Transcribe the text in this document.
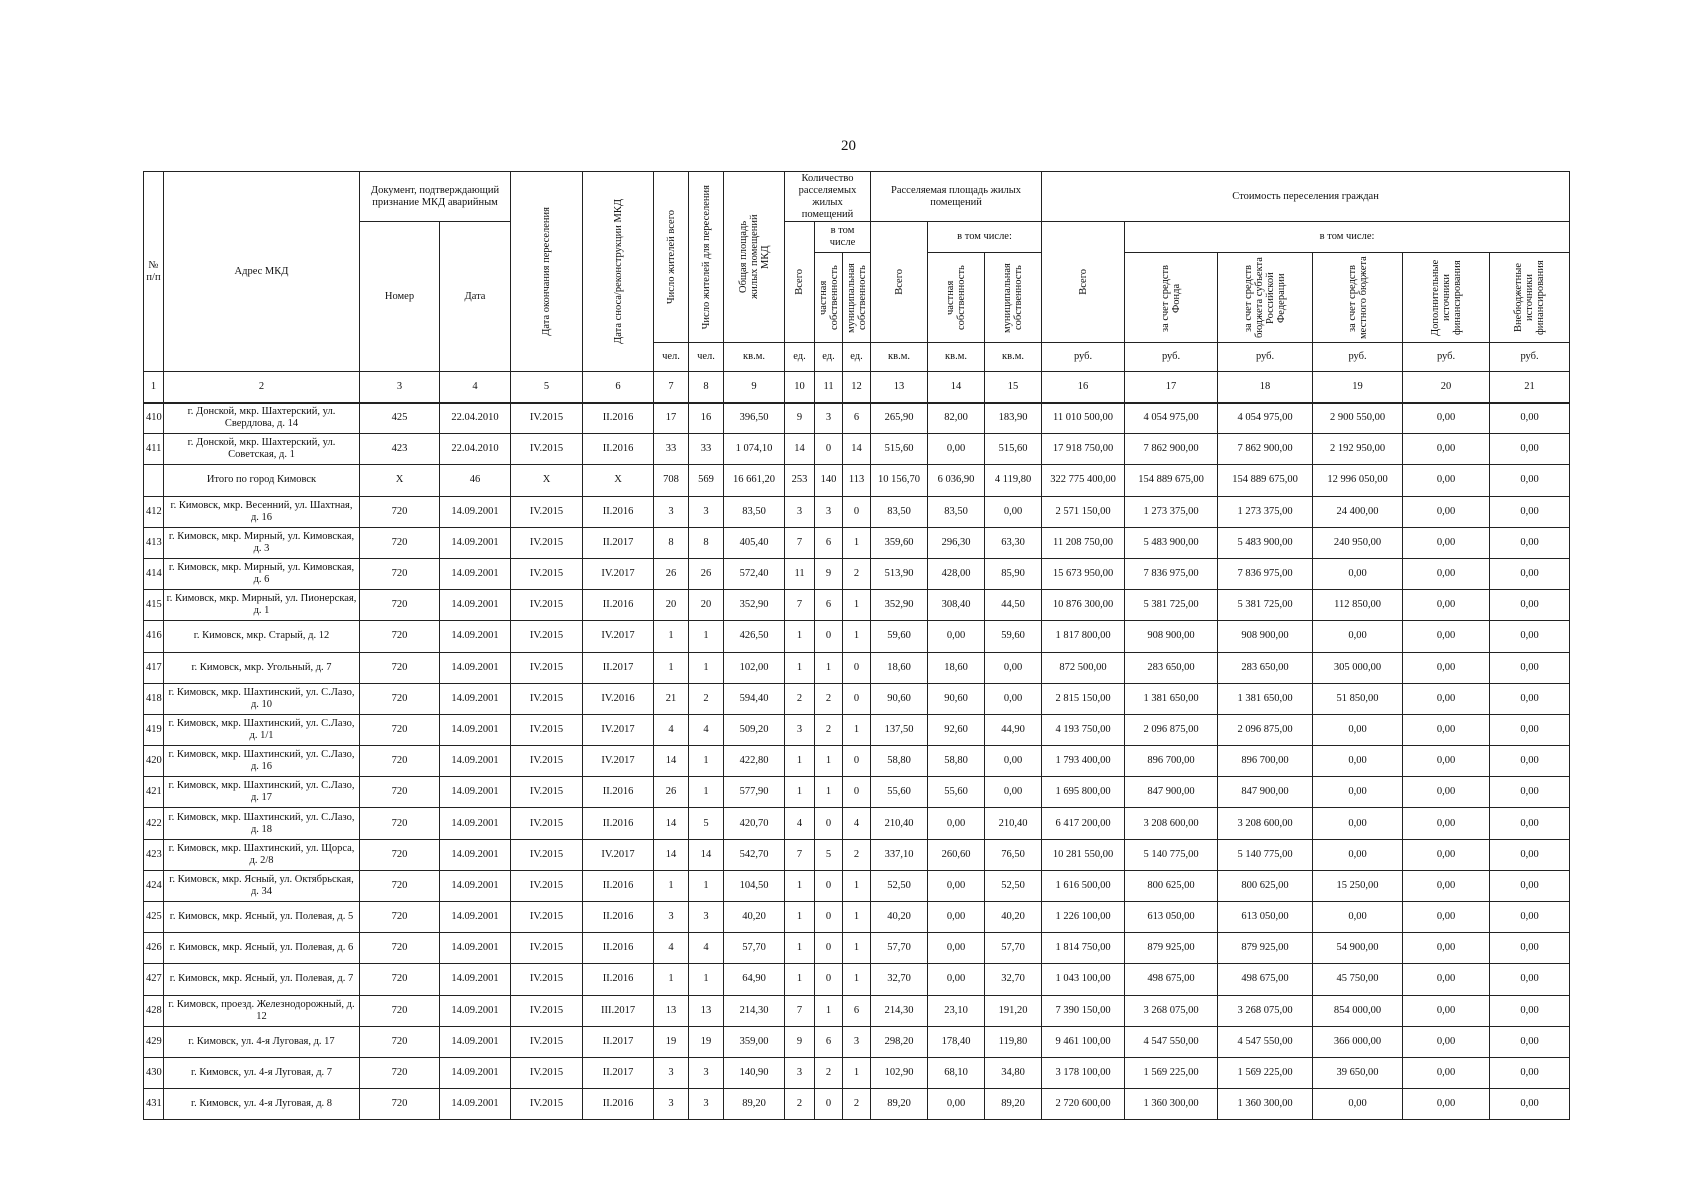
20
№ п/п	Адрес МКД	Документ, подтверждающий признание МКД аварийным		Дата окончания переселения	Дата сноса/реконструкции МКД	Число жителей всего	Число жителей для переселения	Общая площадь жилых помещений МКД	Количество расселяемых жилых помещений			Расселяемая площадь жилых помещений			Стоимость переселения граждан					
		Номер	Дата						Всего	в том числе		Всего	в том числе:		Всего	в том числе:				

										частная собственность	муниципальная собственность		частная собственность	муниципальная собственность		за счет средств Фонда	за счет средств бюджета субъекта Российской Федерации	за счет средств местного бюджета	Дополнительные источники финансирования	Внебюджетные источники финансирования

						чел.	чел.	кв.м.	ед.	ед.	ед.	кв.м.	кв.м.	кв.м.	руб.	руб.	руб.	руб.	руб.	руб.
1	2	3	4	5	6	7	8	9	10	11	12	13	14	15	16	17	18	19	20	21
410	г. Донской, мкр. Шахтерский, ул. Свердлова, д. 14	425	22.04.2010	IV.2015	II.2016	17	16	396,50	9	3	6	265,90	82,00	183,90	11 010 500,00	4 054 975,00	4 054 975,00	2 900 550,00	0,00	0,00
411	г. Донской, мкр. Шахтерский, ул. Советская, д. 1	423	22.04.2010	IV.2015	II.2016	33	33	1 074,10	14	0	14	515,60	0,00	515,60	17 918 750,00	7 862 900,00	7 862 900,00	2 192 950,00	0,00	0,00
	Итого по город Кимовск	X	46	X	X	708	569	16 661,20	253	140	113	10 156,70	6 036,90	4 119,80	322 775 400,00	154 889 675,00	154 889 675,00	12 996 050,00	0,00	0,00
412	г. Кимовск, мкр. Весенний, ул. Шахтная, д. 16	720	14.09.2001	IV.2015	II.2016	3	3	83,50	3	3	0	83,50	83,50	0,00	2 571 150,00	1 273 375,00	1 273 375,00	24 400,00	0,00	0,00
413	г. Кимовск, мкр. Мирный, ул. Кимовская, д. 3	720	14.09.2001	IV.2015	II.2017	8	8	405,40	7	6	1	359,60	296,30	63,30	11 208 750,00	5 483 900,00	5 483 900,00	240 950,00	0,00	0,00
414	г. Кимовск, мкр. Мирный, ул. Кимовская, д. 6	720	14.09.2001	IV.2015	IV.2017	26	26	572,40	11	9	2	513,90	428,00	85,90	15 673 950,00	7 836 975,00	7 836 975,00	0,00	0,00	0,00
415	г. Кимовск, мкр. Мирный, ул. Пионерская, д. 1	720	14.09.2001	IV.2015	II.2016	20	20	352,90	7	6	1	352,90	308,40	44,50	10 876 300,00	5 381 725,00	5 381 725,00	112 850,00	0,00	0,00
416	г. Кимовск, мкр. Старый, д. 12	720	14.09.2001	IV.2015	IV.2017	1	1	426,50	1	0	1	59,60	0,00	59,60	1 817 800,00	908 900,00	908 900,00	0,00	0,00	0,00
417	г. Кимовск, мкр. Угольный, д. 7	720	14.09.2001	IV.2015	II.2017	1	1	102,00	1	1	0	18,60	18,60	0,00	872 500,00	283 650,00	283 650,00	305 000,00	0,00	0,00
418	г. Кимовск, мкр. Шахтинский, ул. С.Лазо, д. 10	720	14.09.2001	IV.2015	IV.2016	21	2	594,40	2	2	0	90,60	90,60	0,00	2 815 150,00	1 381 650,00	1 381 650,00	51 850,00	0,00	0,00
419	г. Кимовск, мкр. Шахтинский, ул. С.Лазо, д. 1/1	720	14.09.2001	IV.2015	IV.2017	4	4	509,20	3	2	1	137,50	92,60	44,90	4 193 750,00	2 096 875,00	2 096 875,00	0,00	0,00	0,00
420	г. Кимовск, мкр. Шахтинский, ул. С.Лазо, д. 16	720	14.09.2001	IV.2015	IV.2017	14	1	422,80	1	1	0	58,80	58,80	0,00	1 793 400,00	896 700,00	896 700,00	0,00	0,00	0,00
421	г. Кимовск, мкр. Шахтинский, ул. С.Лазо, д. 17	720	14.09.2001	IV.2015	II.2016	26	1	577,90	1	1	0	55,60	55,60	0,00	1 695 800,00	847 900,00	847 900,00	0,00	0,00	0,00
422	г. Кимовск, мкр. Шахтинский, ул. С.Лазо, д. 18	720	14.09.2001	IV.2015	II.2016	14	5	420,70	4	0	4	210,40	0,00	210,40	6 417 200,00	3 208 600,00	3 208 600,00	0,00	0,00	0,00
423	г. Кимовск, мкр. Шахтинский, ул. Щорса, д. 2/8	720	14.09.2001	IV.2015	IV.2017	14	14	542,70	7	5	2	337,10	260,60	76,50	10 281 550,00	5 140 775,00	5 140 775,00	0,00	0,00	0,00
424	г. Кимовск, мкр. Ясный, ул. Октябрьская, д. 34	720	14.09.2001	IV.2015	II.2016	1	1	104,50	1	0	1	52,50	0,00	52,50	1 616 500,00	800 625,00	800 625,00	15 250,00	0,00	0,00
425	г. Кимовск, мкр. Ясный, ул. Полевая, д. 5	720	14.09.2001	IV.2015	II.2016	3	3	40,20	1	0	1	40,20	0,00	40,20	1 226 100,00	613 050,00	613 050,00	0,00	0,00	0,00
426	г. Кимовск, мкр. Ясный, ул. Полевая, д. 6	720	14.09.2001	IV.2015	II.2016	4	4	57,70	1	0	1	57,70	0,00	57,70	1 814 750,00	879 925,00	879 925,00	54 900,00	0,00	0,00
427	г. Кимовск, мкр. Ясный, ул. Полевая, д. 7	720	14.09.2001	IV.2015	II.2016	1	1	64,90	1	0	1	32,70	0,00	32,70	1 043 100,00	498 675,00	498 675,00	45 750,00	0,00	0,00
428	г. Кимовск, проезд. Железнодорожный, д. 12	720	14.09.2001	IV.2015	III.2017	13	13	214,30	7	1	6	214,30	23,10	191,20	7 390 150,00	3 268 075,00	3 268 075,00	854 000,00	0,00	0,00
429	г. Кимовск, ул. 4-я Луговая, д. 17	720	14.09.2001	IV.2015	II.2017	19	19	359,00	9	6	3	298,20	178,40	119,80	9 461 100,00	4 547 550,00	4 547 550,00	366 000,00	0,00	0,00
430	г. Кимовск, ул. 4-я Луговая, д. 7	720	14.09.2001	IV.2015	II.2017	3	3	140,90	3	2	1	102,90	68,10	34,80	3 178 100,00	1 569 225,00	1 569 225,00	39 650,00	0,00	0,00
431	г. Кимовск, ул. 4-я Луговая, д. 8	720	14.09.2001	IV.2015	II.2016	3	3	89,20	2	0	2	89,20	0,00	89,20	2 720 600,00	1 360 300,00	1 360 300,00	0,00	0,00	0,00
